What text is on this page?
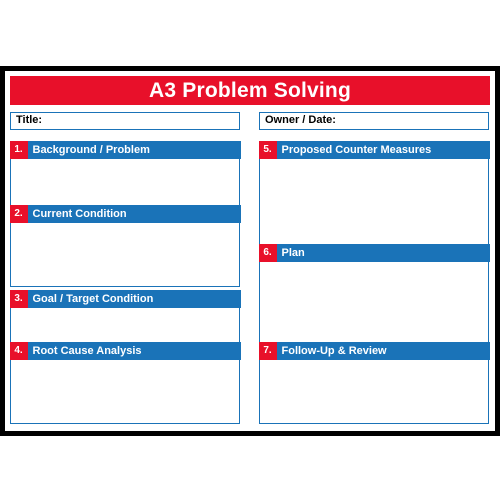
A3 Problem Solving
Title:	Owner / Date:
1. Background / Problem
2. Current Condition
3. Goal / Target Condition
4. Root Cause Analysis
5. Proposed Counter Measures
6. Plan
7. Follow-Up & Review
